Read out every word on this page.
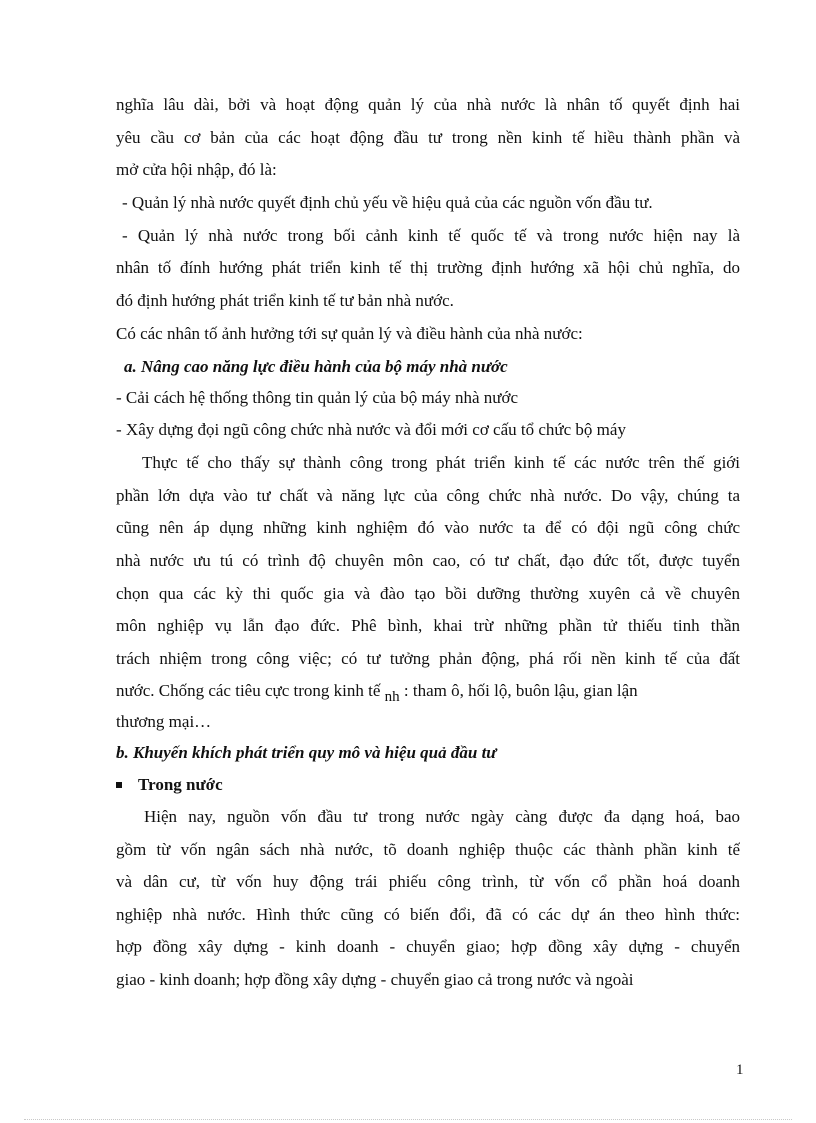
nghĩa lâu dài, bởi và hoạt động quản lý của nhà nước là nhân tố quyết định hai
yêu cầu cơ bản của các hoạt động đầu tư trong nền kinh tế hiều thành phần và
mở cửa hội nhập, đó là:
- Quản lý nhà nước quyết định chủ yếu về hiệu quả của các nguồn vốn đầu tư.
- Quản lý nhà nước trong bối cảnh kinh tế quốc tế và trong nước hiện nay là
nhân tố đính hướng phát triển kinh tế thị trường định hướng xã hội chủ nghĩa, do
đó định hướng phát triển kinh tế tư bản nhà nước.
Có các nhân tố ảnh hưởng tới sự quản lý và điều hành của nhà nước:
a. Nâng cao năng lực điều hành của bộ máy nhà nước
- Cải cách hệ thống thông tin quản lý của bộ máy nhà nước
- Xây dựng đọi ngũ công chức nhà nước và đổi mới cơ cấu tổ chức bộ máy
Thực tế cho thấy sự thành công trong phát triển kinh tế các nước trên thế giới
phần lớn dựa vào tư chất và năng lực của công chức nhà nước. Do vậy, chúng ta
cũng nên áp dụng những kinh nghiệm đó vào nước ta để có đội ngũ công chức
nhà nước ưu tú có trình độ chuyên môn cao, có tư chất, đạo đức tốt, được tuyển
chọn qua các kỳ thi quốc gia và đào tạo bồi dưỡng thường xuyên cả về chuyên
môn nghiệp vụ lẫn đạo đức. Phê bình, khai trừ những phần tử thiếu tinh thần
trách nhiệm trong công việc; có tư tưởng phản động, phá rối nền kinh tế của đất
nước. Chống các tiêu cực trong kinh tế nh : tham ô, hối lộ, buôn lậu, gian lận
thương mại…
b. Khuyến khích phát triển quy mô và hiệu quả đầu tư
Trong nước
Hiện nay, nguồn vốn đầu tư trong nước ngày càng được đa dạng hoá, bao
gồm từ vốn ngân sách nhà nước, tõ doanh nghiệp thuộc các thành phần kinh tế
và dân cư, từ vốn huy động trái phiếu công trình, từ vốn cổ phần hoá doanh
nghiệp nhà nước. Hình thức cũng có biến đổi, đã có các dự án theo hình thức:
hợp đồng xây dựng - kinh doanh - chuyển giao; hợp đồng xây dựng - chuyển
giao - kinh doanh; hợp đồng xây dựng - chuyển giao cả trong nước và ngoài
1
